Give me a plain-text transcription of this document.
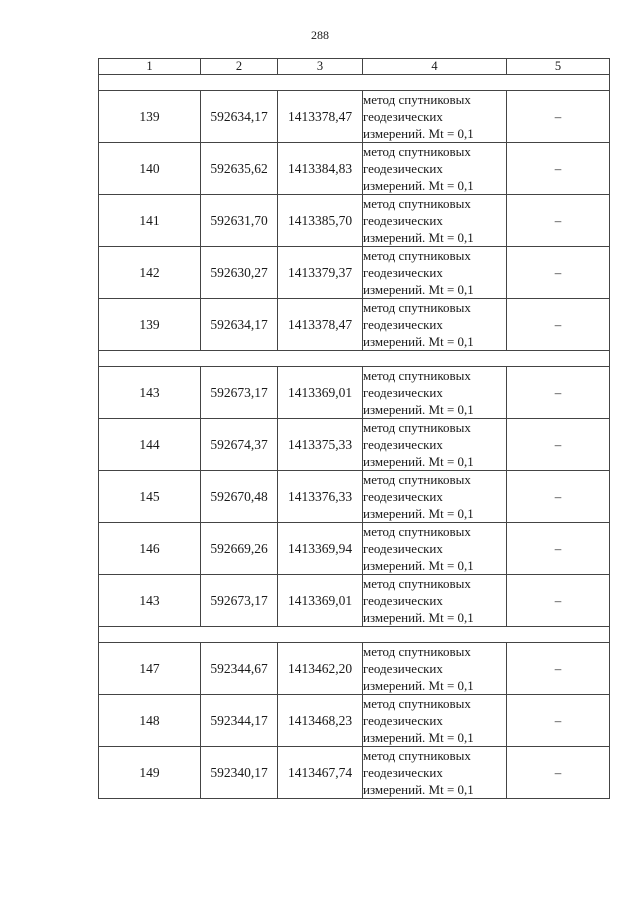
288
1	2	3	4	5

139	592634,17	1413378,47	метод спутниковых
геодезических
измерений. Mt = 0,1	–
140	592635,62	1413384,83	метод спутниковых
геодезических
измерений. Mt = 0,1	–
141	592631,70	1413385,70	метод спутниковых
геодезических
измерений. Mt = 0,1	–
142	592630,27	1413379,37	метод спутниковых
геодезических
измерений. Mt = 0,1	–
139	592634,17	1413378,47	метод спутниковых
геодезических
измерений. Mt = 0,1	–

143	592673,17	1413369,01	метод спутниковых
геодезических
измерений. Mt = 0,1	–
144	592674,37	1413375,33	метод спутниковых
геодезических
измерений. Mt = 0,1	–
145	592670,48	1413376,33	метод спутниковых
геодезических
измерений. Mt = 0,1	–
146	592669,26	1413369,94	метод спутниковых
геодезических
измерений. Mt = 0,1	–
143	592673,17	1413369,01	метод спутниковых
геодезических
измерений. Mt = 0,1	–

147	592344,67	1413462,20	метод спутниковых
геодезических
измерений. Mt = 0,1	–
148	592344,17	1413468,23	метод спутниковых
геодезических
измерений. Mt = 0,1	–
149	592340,17	1413467,74	метод спутниковых
геодезических
измерений. Mt = 0,1	–
